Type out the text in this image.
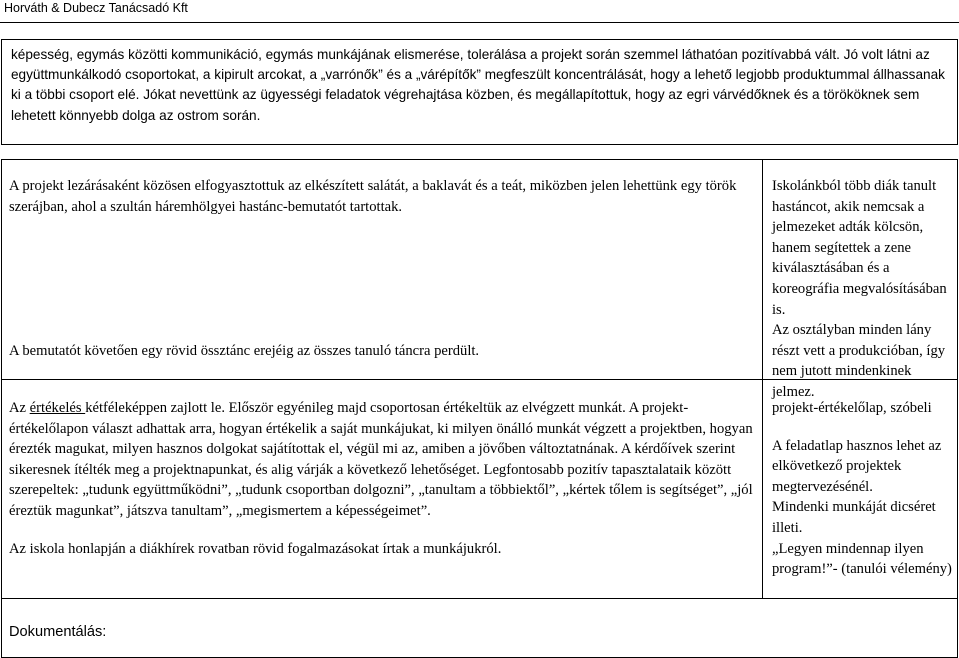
Horváth & Dubecz Tanácsadó Kft

képesség, egymás közötti kommunikáció, egymás munkájának elismerése, tolerálása a projekt során szemmel láthatóan pozitívabbá vált. Jó volt látni az együttmunkálkodó csoportokat, a kipirult arcokat, a „varrónők” és a „várépítők” megfeszült koncentrálását, hogy a lehető legjobb produktummal állhassanak ki a többi csoport elé. Jókat nevettünk az ügyességi feladatok végrehajtása közben, és megállapítottuk, hogy az egri várvédőknek és a törököknek sem lehetett könnyebb dolga az ostrom során.

A projekt lezárásaként közösen elfogyasztottuk az elkészített salátát, a baklavát és a teát, miközben jelen lehettünk egy török szerájban, ahol a szultán háremhölgyei hastánc-bemutatót tartottak.

A bemutatót követően egy rövid össztánc erejéig az összes tanuló táncra perdült.

Iskolánkból több diák tanult hastáncot, akik nemcsak a jelmezeket adták kölcsön, hanem segítettek a zene kiválasztásában és a koreográfia megvalósításában is.

Az osztályban minden lány részt vett a produkcióban, így nem jutott mindenkinek jelmez.

Az értékelés kétféleképpen zajlott le. Először egyénileg majd csoportosan értékeltük az elvégzett munkát. A projekt-értékelőlapon választ adhattak arra, hogyan értékelik a saját munkájukat, ki milyen önálló munkát végzett a projektben, hogyan érezték magukat, milyen hasznos dolgokat sajátítottak el, végül mi az, amiben a jövőben változtatnának. A kérdőívek szerint sikeresnek ítélték meg a projektnapunkat, és alig várják a következő lehetőséget. Legfontosabb pozitív tapasztalataik között szerepeltek: „tudunk együttműködni”, „tudunk csoportban dolgozni”, „tanultam a többiektől”, „kértek tőlem is segítséget”, „jól éreztük magunkat”, játszva tanultam”, „megismertem a képességeimet”.

Az iskola honlapján a diákhírek rovatban rövid fogalmazásokat írtak a munkájukról.

projekt-értékelőlap, szóbeli

A feladatlap hasznos lehet az elkövetkező projektek megtervezésénél.

Mindenki munkáját dicséret illeti.

„Legyen mindennap ilyen program!”- (tanulói vélemény)

Dokumentálás:
